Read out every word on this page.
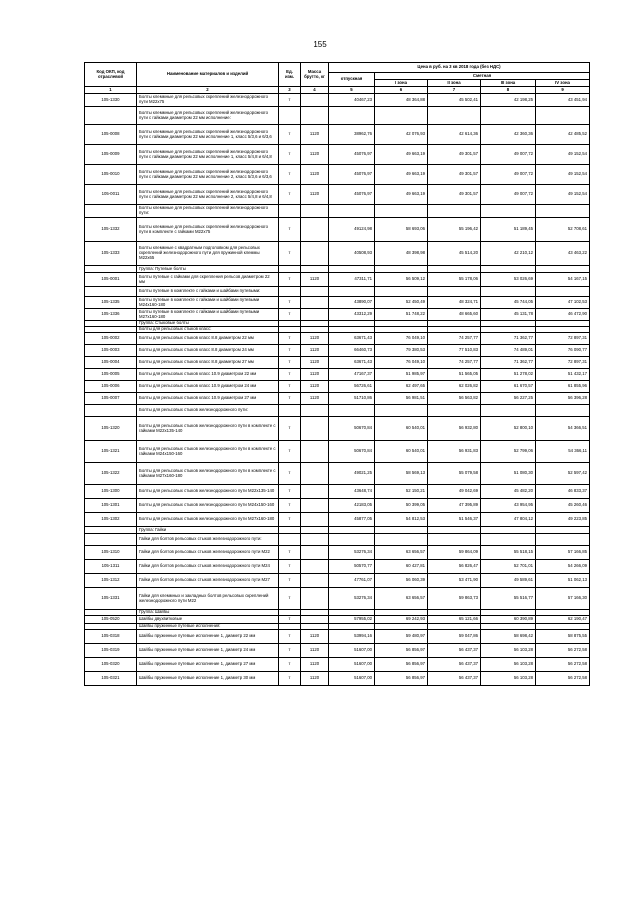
155
Код ОКП, код отраслевой	Наименование материалов и изделий	Ед. изм.	Масса брутто, кг	Цена в руб. на 3 кв 2018 года (без НДС)				
				отпускная	Сметная			
					I зона	II зона	III зона	IV зона
1	2	3	4	5	6	7	8	9
105-1330	Болты клеммные для рельсовых скреплений железнодорожного пути М22х75	т		40467,23	48 364,88	45 502,41	42 198,25	43 451,94
	Болты клеммные для рельсовых скреплений железнодорожного пути с гайками диаметром 22 мм исполнение:							
105-0008	Болты клеммные для рельсовых скреплений железнодорожного пути с гайками диаметром 22 мм исполнение 1, класс 5/3,6 и 6/3,6	т	1120	38962,76	42 076,93	42 614,36	42 360,36	42 485,52
105-0009	Болты клеммные для рельсовых скреплений железнодорожного пути с гайками диаметром 22 мм исполнение 1, класс 5/4,8 и 6/4,8	т	1120	45076,97	49 663,19	49 301,57	49 007,72	49 152,54
105-0010	Болты клеммные для рельсовых скреплений железнодорожного пути с гайками диаметром 22 мм исполнение 2, класс 5/3,6 и 6/3,6	т	1120	45076,97	49 663,19	49 301,57	49 007,72	49 152,54
105-0011	Болты клеммные для рельсовых скреплений железнодорожного пути с гайками диаметром 22 мм исполнение 2, класс 5/4,8 и 6/4,8	т	1120	45076,97	49 663,19	49 301,57	49 007,72	49 152,54
	Болты клеммные для рельсовых скреплений железнодорожного пути:							
105-1332	Болты клеммные для рельсовых скреплений железнодорожного пути в комплекте с гайками М22х75	т		49124,98	58 693,06	55 196,42	51 189,45	52 708,61
105-1333	Болты клеммные с квадратным подголовком для рельсовых скреплений железнодорожного пути для пружинной клеммы М22х65	т		40508,93	48 398,98	45 514,20	42 210,12	43 463,22
	Группа: Путевые болты							
105-0001	Болты путевые с гайками для скрепления рельсов диаметром 22 мм	т	1120	47311,71	56 509,12	55 178,06	53 026,69	54 167,15
	Болты путевые в комплекте с гайками и шайбами путевыми:							
105-1335	Болты путевые в комплекте с гайками и шайбами путевыми М24х160-180	т		43890,07	52 450,49	48 324,71	45 744,05	47 102,53
105-1336	Болты путевые в комплекте с гайками и шайбами путевыми М27х160-180	т		43312,29	51 748,22	48 665,60	45 131,78	46 472,90
	Группа: Стыковые болты							
	Болты для рельсовых стыков класс:							
105-0002	Болты для рельсовых стыков класс 8.8 диаметром 22 мм	т	1120	63671,43	76 049,10	74 257,77	71 362,77	72 897,31
105-0003	Болты для рельсовых стыков класс 8.8 диаметром 24 мм	т	1120	66460,73	79 380,53	77 510,83	74 489,01	76 090,77
105-0004	Болты для рельсовых стыков класс 8.8 диаметром 27 мм	т	1120	63671,43	76 049,10	74 257,77	71 362,77	72 897,31
105-0005	Болты для рельсовых стыков класс 10.9 диаметром 22 мм	т	1120	47167,37	51 985,97	51 565,05	51 278,02	51 432,17
105-0006	Болты для рельсовых стыков класс 10.9 диаметром 24 мм	т	1120	56726,61	62 497,65	62 026,82	61 670,57	61 855,96
105-0007	Болты для рельсовых стыков класс 10.9 диаметром 27 мм	т	1120	51710,86	56 981,51	56 563,82	56 227,25	56 396,28
	Болты для рельсовых стыков железнодорожного пути:							
105-1320	Болты для рельсовых стыков железнодорожного пути в комплекте с гайками М22х135-140	т		50670,84	60 540,01	56 932,80	52 800,10	54 366,51
105-1321	Болты для рельсовых стыков железнодорожного пути в комплекте с гайками М24х150-160	т		50670,84	60 540,01	56 931,83	52 799,06	54 366,11
105-1322	Болты для рельсовых стыков железнодорожного пути в комплекте с гайками М27х160-180	т		49021,25	58 569,13	55 079,58	51 080,30	52 597,42
105-1300	Болты для рельсовых стыков железнодорожного пути М22х135-140	т		43648,74	52 150,21	49 042,69	45 482,20	46 833,37
105-1301	Болты для рельсовых стыков железнодорожного пути М24х150-160	т		42183,05	50 399,05	47 395,89	43 954,95	45 260,46
105-1302	Болты для рельсовых стыков железнодорожного пути М27х160-180	т		45877,05	54 812,53	51 546,37	47 804,12	49 223,85
	Группа: Гайки							
	Гайки для болтов рельсовых стыков железнодорожного пути:							
105-1310	Гайки для болтов рельсовых стыков железнодорожного пути М22	т		53276,34	63 656,57	59 864,09	55 518,15	57 166,85
105-1311	Гайки для болтов рельсовых стыков железнодорожного пути М24	т		50570,77	60 427,81	56 826,47	52 701,01	54 266,09
105-1312	Гайки для болтов рельсовых стыков железнодорожного пути М27	т		47761,07	56 060,39	53 471,90	49 589,61	51 062,13
105-1331	Гайки для клеммных и закладных болтов рельсовых скреплений железнодорожного пути М22	т		53276,34	63 656,57	59 863,73	55 516,77	57 166,30
	Группа: Шайбы							
105-0520	Шайбы двухвитковые	т		57955,02	69 242,93	65 121,66	60 390,89	62 190,47
	Шайбы пружинные путевые исполнения:							
105-0318	Шайбы пружинные путевые исполнение 1, диаметр 22 мм	т	1120	53994,16	59 480,97	59 047,86	58 698,42	58 875,55
105-0319	Шайбы пружинные путевые исполнение 1, диаметр 24 мм	т	1120	51607,00	56 856,97	56 437,37	56 103,28	56 272,58
105-0320	Шайбы пружинные путевые исполнение 1, диаметр 27 мм	т	1120	51607,00	56 856,97	56 437,37	56 103,28	56 272,58
105-0321	Шайбы пружинные путевые исполнение 1, диаметр 30 мм	т	1120	51607,00	56 856,97	56 437,37	56 103,28	56 272,58
